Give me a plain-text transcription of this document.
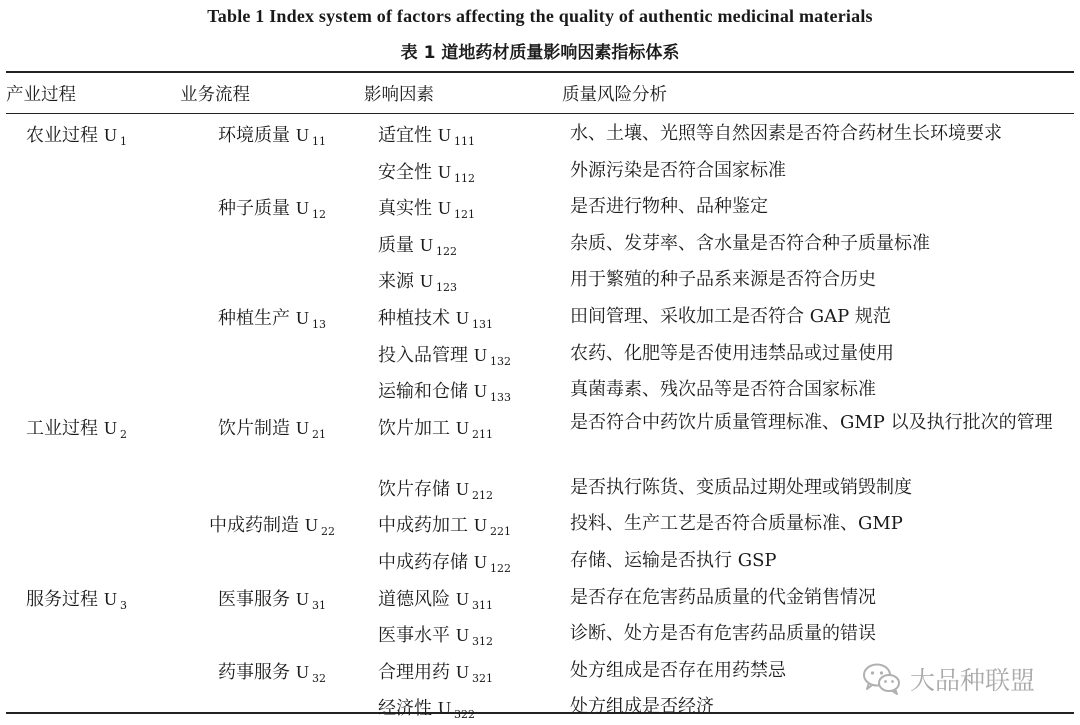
Table 1 Index system of factors affecting the quality of authentic medicinal materials
表 1 道地药材质量影响因素指标体系
产业过程	业务流程	影响因素	质量风险分析
农业过程 U $_1$	环境质量 U $_{11}$	适宜性 U $_{111}$	水、土壤、光照等自然因素是否符合药材生长环境要求
		安全性 U $_{112}$	外源污染是否符合国家标准
	种子质量 U $_{12}$	真实性 U $_{121}$	是否进行物种、品种鉴定
		质量 U $_{122}$	杂质、发芽率、含水量是否符合种子质量标准
		来源 U $_{123}$	用于繁殖的种子品系来源是否符合历史
	种植生产 U $_{13}$	种植技术 U $_{131}$	田间管理、采收加工是否符合 GAP 规范
		投入品管理 U $_{132}$	农药、化肥等是否使用违禁品或过量使用
		运输和仓储 U $_{133}$	真菌毒素、残次品等是否符合国家标准
工业过程 U $_2$	饮片制造 U $_{21}$	饮片加工 U $_{211}$	是否符合中药饮片质量管理标准、GMP 以及执行批次的管理
		饮片存储 U $_{212}$	是否执行陈货、变质品过期处理或销毁制度
	中成药制造 U $_{22}$	中成药加工 U $_{221}$	投料、生产工艺是否符合质量标准、GMP
		中成药存储 U $_{122}$	存储、运输是否执行 GSP
服务过程 U $_3$	医事服务 U $_{31}$	道德风险 U $_{311}$	是否存在危害药品质量的代金销售情况
		医事水平 U $_{312}$	诊断、处方是否有危害药品质量的错误
	药事服务 U $_{32}$	合理用药 U $_{321}$	处方组成是否存在用药禁忌
		经济性 U $_{322}$	处方组成是否经济
大品种联盟
